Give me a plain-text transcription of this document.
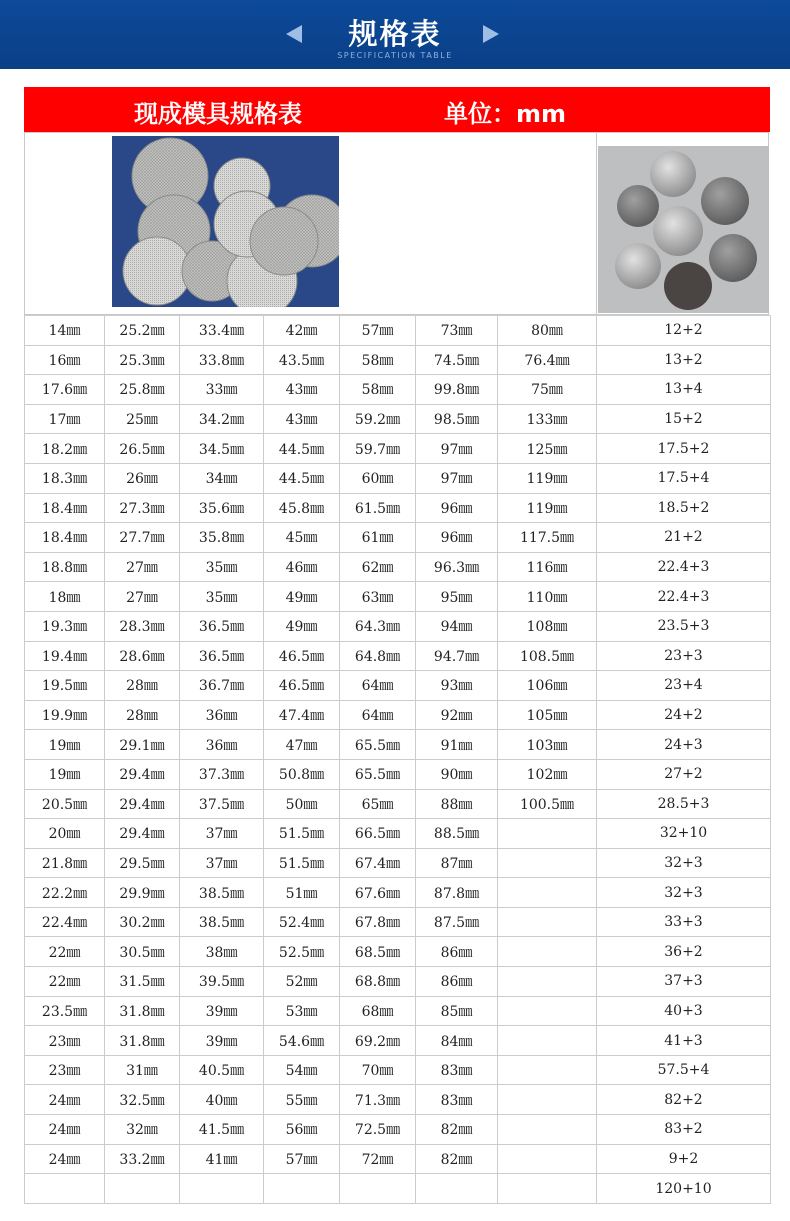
规格表
SPECIFICATION TABLE
现成模具规格表	单位：mm
14㎜	25.2㎜	33.4㎜	42㎜	57㎜	73㎜	80㎜	12+2
16㎜	25.3㎜	33.8㎜	43.5㎜	58㎜	74.5㎜	76.4㎜	13+2
17.6㎜	25.8㎜	33㎜	43㎜	58㎜	99.8㎜	75㎜	13+4
17㎜	25㎜	34.2㎜	43㎜	59.2㎜	98.5㎜	133㎜	15+2
18.2㎜	26.5㎜	34.5㎜	44.5㎜	59.7㎜	97㎜	125㎜	17.5+2
18.3㎜	26㎜	34㎜	44.5㎜	60㎜	97㎜	119㎜	17.5+4
18.4㎜	27.3㎜	35.6㎜	45.8㎜	61.5㎜	96㎜	119㎜	18.5+2
18.4㎜	27.7㎜	35.8㎜	45㎜	61㎜	96㎜	117.5㎜	21+2
18.8㎜	27㎜	35㎜	46㎜	62㎜	96.3㎜	116㎜	22.4+3
18㎜	27㎜	35㎜	49㎜	63㎜	95㎜	110㎜	22.4+3
19.3㎜	28.3㎜	36.5㎜	49㎜	64.3㎜	94㎜	108㎜	23.5+3
19.4㎜	28.6㎜	36.5㎜	46.5㎜	64.8㎜	94.7㎜	108.5㎜	23+3
19.5㎜	28㎜	36.7㎜	46.5㎜	64㎜	93㎜	106㎜	23+4
19.9㎜	28㎜	36㎜	47.4㎜	64㎜	92㎜	105㎜	24+2
19㎜	29.1㎜	36㎜	47㎜	65.5㎜	91㎜	103㎜	24+3
19㎜	29.4㎜	37.3㎜	50.8㎜	65.5㎜	90㎜	102㎜	27+2
20.5㎜	29.4㎜	37.5㎜	50㎜	65㎜	88㎜	100.5㎜	28.5+3
20㎜	29.4㎜	37㎜	51.5㎜	66.5㎜	88.5㎜		32+10
21.8㎜	29.5㎜	37㎜	51.5㎜	67.4㎜	87㎜		32+3
22.2㎜	29.9㎜	38.5㎜	51㎜	67.6㎜	87.8㎜		32+3
22.4㎜	30.2㎜	38.5㎜	52.4㎜	67.8㎜	87.5㎜		33+3
22㎜	30.5㎜	38㎜	52.5㎜	68.5㎜	86㎜		36+2
22㎜	31.5㎜	39.5㎜	52㎜	68.8㎜	86㎜		37+3
23.5㎜	31.8㎜	39㎜	53㎜	68㎜	85㎜		40+3
23㎜	31.8㎜	39㎜	54.6㎜	69.2㎜	84㎜		41+3
23㎜	31㎜	40.5㎜	54㎜	70㎜	83㎜		57.5+4
24㎜	32.5㎜	40㎜	55㎜	71.3㎜	83㎜		82+2
24㎜	32㎜	41.5㎜	56㎜	72.5㎜	82㎜		83+2
24㎜	33.2㎜	41㎜	57㎜	72㎜	82㎜		9+2
							120+10
